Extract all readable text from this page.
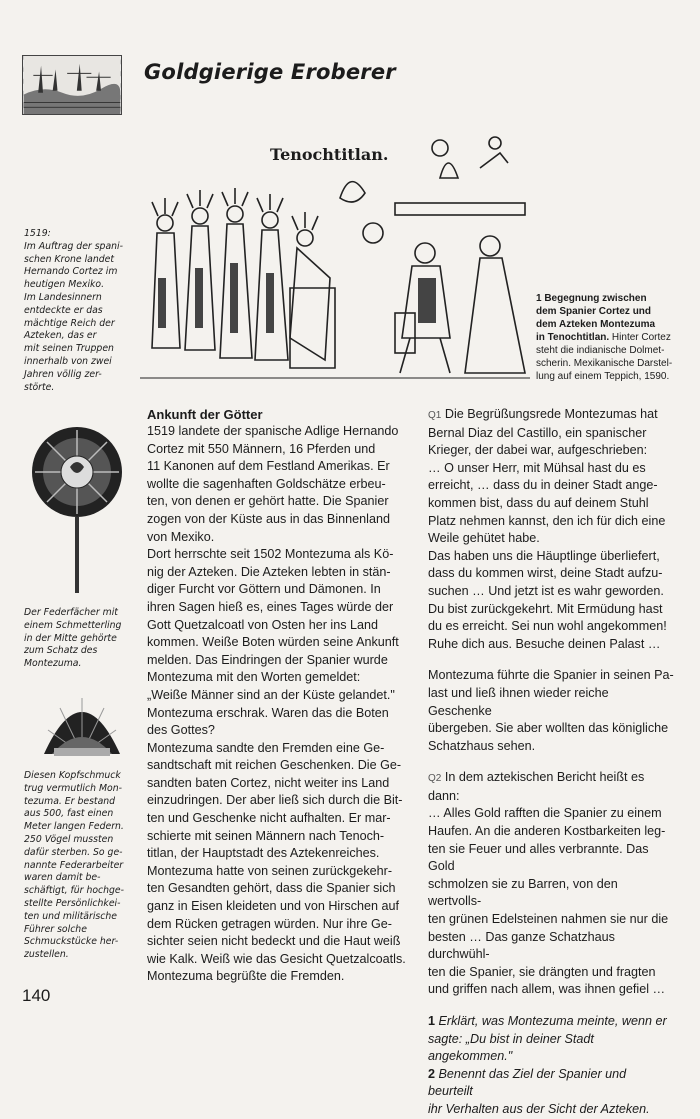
Goldgierige Eroberer
Tenochtitlan.
1519:
Im Auftrag der spani-
schen Krone landet
Hernando Cortez im
heutigen Mexiko.
Im Landesinnern
entdeckte er das
mächtige Reich der
Azteken, das er
mit seinen Truppen
innerhalb von zwei
Jahren völlig zer-
störte.
Der Federfächer mit
einem Schmetterling
in der Mitte gehörte
zum Schatz des
Montezuma.
Diesen Kopfschmuck
trug vermutlich Mon-
tezuma. Er bestand
aus 500, fast einen
Meter langen Federn.
250 Vögel mussten
dafür sterben. So ge-
nannte Federarbeiter
waren damit be-
schäftigt, für hochge-
stellte Persönlichkei-
ten und militärische
Führer solche
Schmuckstücke her-
zustellen.
1 Begegnung zwischen
dem Spanier Cortez und
dem Azteken Montezuma
in Tenochtitlan. Hinter Cortez
steht die indianische Dolmet-
scherin. Mexikanische Darstel-
lung auf einem Teppich, 1590.
Ankunft der Götter

1519 landete der spanische Adlige Hernando

Cortez mit 550 Männern, 16 Pferden und

11 Kanonen auf dem Festland Amerikas. Er

wollte die sagenhaften Goldschätze erbeu-

ten, von denen er gehört hatte. Die Spanier

zogen von der Küste aus in das Binnenland

von Mexiko.

Dort herrschte seit 1502 Montezuma als Kö-

nig der Azteken. Die Azteken lebten in stän-

diger Furcht vor Göttern und Dämonen. In

ihren Sagen hieß es, eines Tages würde der

Gott Quetzalcoatl von Osten her ins Land

kommen. Weiße Boten würden seine Ankunft

melden. Das Eindringen der Spanier wurde

Montezuma mit den Worten gemeldet:

„Weiße Männer sind an der Küste gelandet."

Montezuma erschrak. Waren das die Boten

des Gottes?

Montezuma sandte den Fremden eine Ge-

sandtschaft mit reichen Geschenken. Die Ge-

sandten baten Cortez, nicht weiter ins Land

einzudringen. Der aber ließ sich durch die Bit-

ten und Geschenke nicht aufhalten. Er mar-

schierte mit seinen Männern nach Tenoch-

titlan, der Hauptstadt des Aztekenreiches.

Montezuma hatte von seinen zurückgekehr-

ten Gesandten gehört, dass die Spanier sich

ganz in Eisen kleideten und von Hirschen auf

dem Rücken getragen würden. Nur ihre Ge-

sichter seien nicht bedeckt und die Haut weiß

wie Kalk. Weiß wie das Gesicht Quetzalcoatls.

Montezuma begrüßte die Fremden.

Q1 Die Begrüßungsrede Montezumas hat

Bernal Diaz del Castillo, ein spanischer

Krieger, der dabei war, aufgeschrieben:

… O unser Herr, mit Mühsal hast du es

erreicht, … dass du in deiner Stadt ange-

kommen bist, dass du auf deinem Stuhl

Platz nehmen kannst, den ich für dich eine

Weile gehütet habe.

Das haben uns die Häuptlinge überliefert,

dass du kommen wirst, deine Stadt aufzu-

suchen … Und jetzt ist es wahr geworden.

Du bist zurückgekehrt. Mit Ermüdung hast

du es erreicht. Sei nun wohl angekommen!

Ruhe dich aus. Besuche deinen Palast …

Montezuma führte die Spanier in seinen Pa-

last und ließ ihnen wieder reiche Geschenke

übergeben. Sie aber wollten das königliche

Schatzhaus sehen.

Q2 In dem aztekischen Bericht heißt es dann:

… Alles Gold rafften die Spanier zu einem

Haufen. An die anderen Kostbarkeiten leg-

ten sie Feuer und alles verbrannte. Das Gold

schmolzen sie zu Barren, von den wertvolls-

ten grünen Edelsteinen nahmen sie nur die

besten … Das ganze Schatzhaus durchwühl-

ten die Spanier, sie drängten und fragten

und griffen nach allem, was ihnen gefiel …

1 Erklärt, was Montezuma meinte, wenn er

sagte: „Du bist in deiner Stadt angekommen."

2 Benennt das Ziel der Spanier und beurteilt

ihr Verhalten aus der Sicht der Azteken.

140
